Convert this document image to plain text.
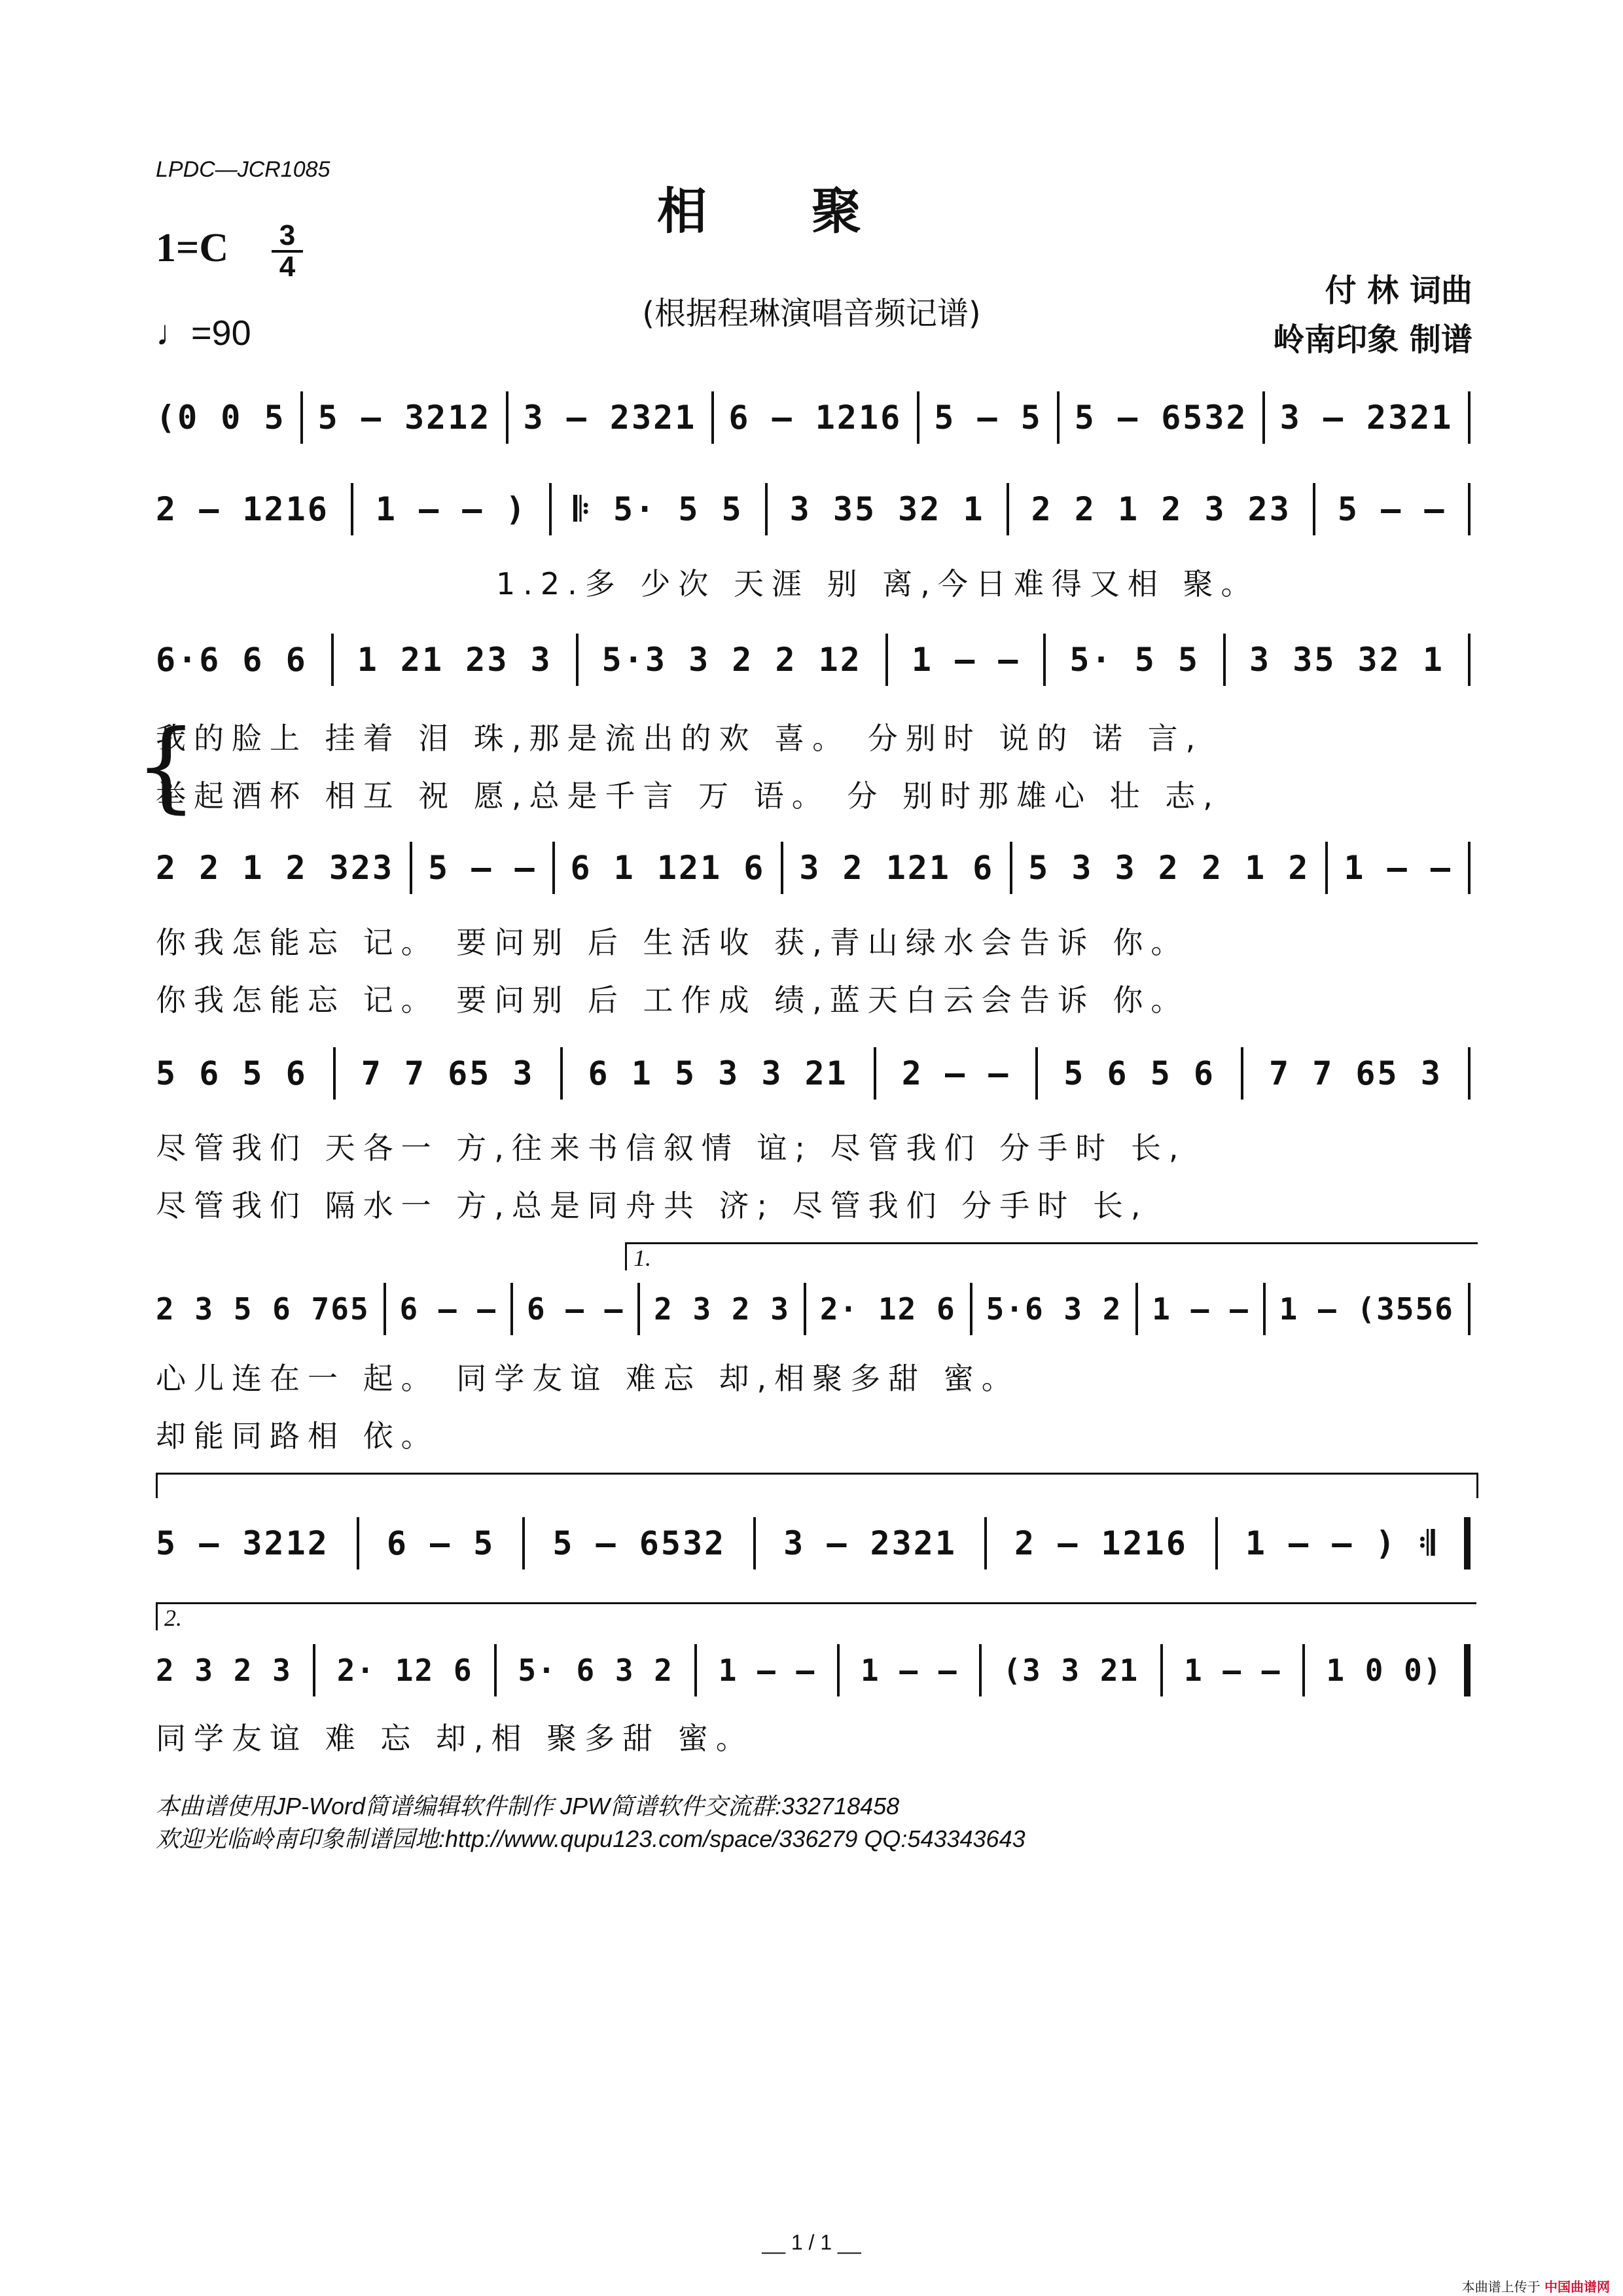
LPDC—JCR1085
相聚
1=C 3
4
♩=90	(根据程琳演唱音频记谱)
付 林 词曲
岭南印象 制谱
(0 0 5 5 – 3212 3 – 2321 6 – 1216 5 – 5 5 – 6532 3 – 2321
2 – 1216 1 – – ) 𝄆 5· 5 5 3 35 32 1 2 2 1 2 3 23 5 – –
1.2.多 少次 天涯 别 离,今日难得又相 聚。
6·6 6 6 1 21 23 3 5·3 3 2 2 12 1 – – 5· 5 5 3 35 32 1
{
我的脸上 挂着 泪 珠,那是流出的欢 喜。 分别时 说的 诺 言,
举起酒杯 相互 祝 愿,总是千言 万 语。 分 别时那雄心 壮 志,
2 2 1 2 323 5 – – 6 1 121 6 3 2 121 6 5 3 3 2 2 1 2 1 – –
你我怎能忘 记。 要问别 后 生活收 获,青山绿水会告诉 你。
你我怎能忘 记。 要问别 后 工作成 绩,蓝天白云会告诉 你。
5 6 5 6 7 7 65 3 6 1 5 3 3 21 2 – – 5 6 5 6 7 7 65 3
尽管我们 天各一 方,往来书信叙情 谊; 尽管我们 分手时 长,
尽管我们 隔水一 方,总是同舟共 济; 尽管我们 分手时 长,
1.
2 3 5 6 765 6 – – 6 – – 2 3 2 3 2· 12 6 5·6 3 2 1 – – 1 – (3556
心儿连在一 起。 同学友谊 难忘 却,相聚多甜 蜜。
却能同路相 依。
5 – 3212 6 – 5 5 – 6532 3 – 2321 2 – 1216 1 – – ) 𝄇
2.
2 3 2 3 2· 12 6 5· 6 3 2 1 – – 1 – – (3 3 21 1 – – 1 0 0)
同学友谊 难 忘 却,相 聚多甜 蜜。
本曲谱使用JP-Word简谱编辑软件制作 JPW简谱软件交流群:332718458
欢迎光临岭南印象制谱园地:http://www.qupu123.com/space/336279 QQ:543343643
__ 1 / 1 __
本曲谱上传于 中国曲谱网
